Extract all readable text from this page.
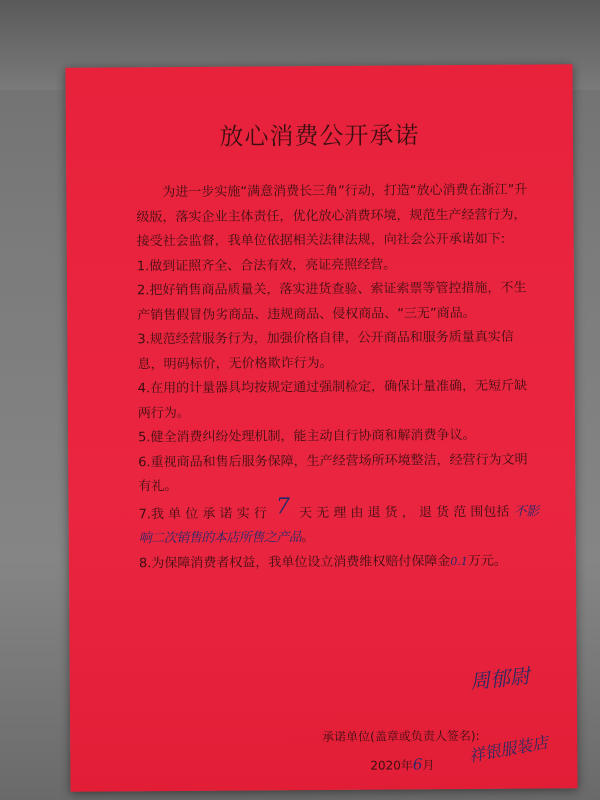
放心消费公开承诺

为进一步实施“满意消费长三角”行动，打造“放心消费在浙江”升级版，落实企业主体责任，优化放心消费环境，规范生产经营行为，接受社会监督，我单位依据相关法律法规，向社会公开承诺如下:

1.做到证照齐全、合法有效，亮证亮照经营。

2.把好销售商品质量关，落实进货查验、索证索票等管控措施，不生产销售假冒伪劣商品、违规商品、侵权商品、“三无”商品。

3.规范经营服务行为，加强价格自律，公开商品和服务质量真实信息，明码标价，无价格欺诈行为。

4.在用的计量器具均按规定通过强制检定，确保计量准确，无短斤缺两行为。

5.健全消费纠纷处理机制，能主动自行协商和解消费争议。

6.重视商品和售后服务保障，生产经营场所环境整洁，经营行为文明有礼。

7.我 单 位 承 诺 实 行 7 天 无 理 由 退 货 ， 退 货 范 围包括 不影响二次销售的本店所售之产品。

8.为保障消费者权益，我单位设立消费维权赔付保障金0.1万元。

周郁尉
承诺单位(盖章或负责人签名):
祥银服装店
2020年6月
